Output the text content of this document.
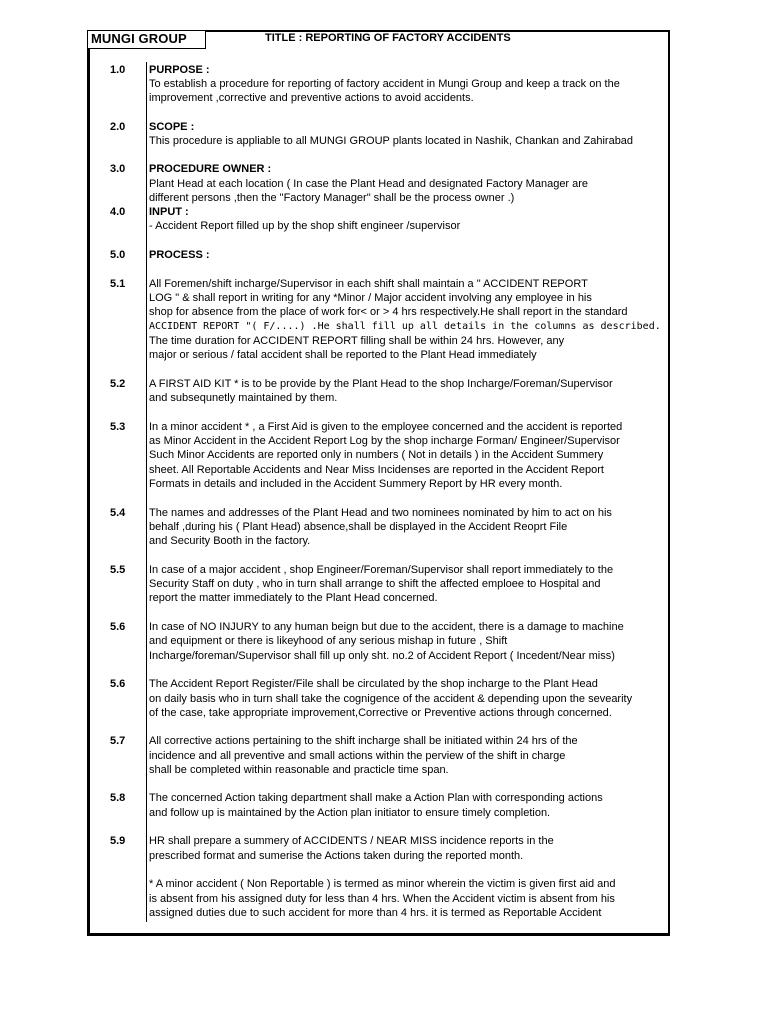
MUNGI GROUP	TITLE : REPORTING OF FACTORY ACCIDENTS
1.0
2.0
3.0
4.0
5.0
5.1
5.2
5.3
5.4
5.5
5.6
5.6
5.7
5.8
5.9
PURPOSE :
To establish a procedure for reporting of factory accident in Mungi Group and keep a track on the
improvement ,corrective and preventive actions to avoid accidents.
SCOPE :
This procedure is appliable to all MUNGI GROUP plants located in Nashik, Chankan and Zahirabad
PROCEDURE OWNER :
Plant Head at each location ( In case the Plant Head and designated Factory Manager are
different persons ,then the "Factory Manager" shall be the process owner .)
INPUT :
- Accident Report filled up by the shop shift engineer /supervisor
PROCESS :
All Foremen/shift incharge/Supervisor in each shift shall maintain a " ACCIDENT REPORT
LOG " & shall report in writing for any *Minor / Major accident involving any employee in his
shop for absence from the place of work for< or > 4 hrs respectively.He shall report in the standard
ACCIDENT REPORT "( F/....) .He shall fill up all details in the columns as described.
The time duration for ACCIDENT REPORT filling shall be within 24 hrs. However, any
major or serious / fatal accident shall be reported to the Plant Head immediately
A FIRST AID KIT * is to be provide by the Plant Head to the shop Incharge/Foreman/Supervisor
and subsequnetly maintained by them.
In a minor accident * , a First Aid is given to the employee concerned and the accident is reported
as Minor Accident in the Accident Report Log by the shop incharge Forman/ Engineer/Supervisor
Such Minor Accidents are reported only in numbers ( Not in details ) in the Accident Summery
sheet. All Reportable Accidents and Near Miss Incidenses are reported in the Accident Report
Formats in details and included in the Accident Summery Report by HR every month.
The names and addresses of the Plant Head and two nominees nominated by him to act on his
behalf ,during his ( Plant Head) absence,shall be displayed in the Accident Reoprt File
and Security Booth in the factory.
In case of a major accident , shop Engineer/Foreman/Supervisor shall report immediately to the
Security Staff on duty , who in turn shall arrange to shift the affected emploee to Hospital and
report the matter immediately to the Plant Head concerned.
In case of NO INJURY to any human beign but due to the accident, there is a damage to machine
and equipment or there is likeyhood of any serious mishap in future , Shift
Incharge/foreman/Supervisor shall fill up only sht. no.2 of Accident Report ( Incedent/Near miss)
The Accident Report Register/File shall be circulated by the shop incharge to the Plant Head
on daily basis who in turn shall take the cognigence of the accident & depending upon the sevearity
of the case, take appropriate improvement,Corrective or Preventive actions through concerned.
All corrective actions pertaining to the shift incharge shall be initiated within 24 hrs of the
incidence and all preventive and small actions within the perview of the shift in charge
shall be completed within reasonable and practicle time span.
The concerned Action taking department shall make a Action Plan with corresponding actions
and follow up is maintained by the Action plan initiator to ensure timely completion.
HR shall prepare a summery of ACCIDENTS / NEAR MISS incidence reports in the
prescribed format and sumerise the Actions taken during the reported month.
* A minor accident ( Non Reportable ) is termed as minor wherein the victim is given first aid and
is absent from his assigned duty for less than 4 hrs. When the Accident victim is absent from his
assigned duties due to such accident for more than 4 hrs. it is termed as Reportable Accident
